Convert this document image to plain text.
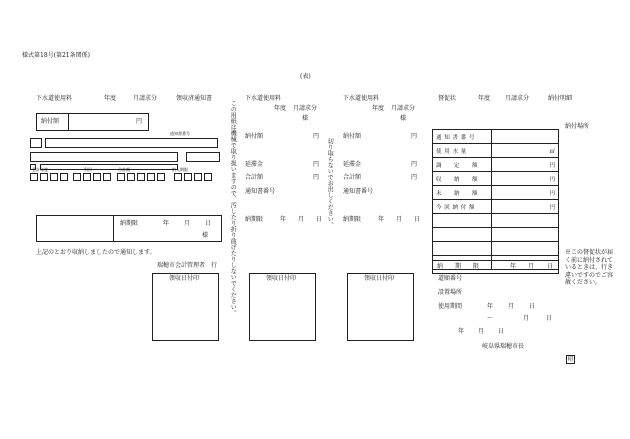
様式第18号(第21条関係)
(表)
下水道使用料	年度	月請求分	領収済通知書
納付額	円
通知書番号
会計年度	科目	合計額	納入期限
納期限	年 月 日
様
上記のとおり収納しましたので通知します。
瑞穂市会計管理者　行
領収日付印	この用紙は機械で取り扱いますので、汚したり折り曲げたりしないでください。
下水道使用料
年度 月請求分
様
納付額	円
延滞金	円
合計額	円
通知書番号
納期限	年 月 日
領収日付印
切り取らないでお出しください。
下水道使用料
年度 月請求分
様
納付額	円
延滞金	円
合計額	円
通知書番号
納期限	年 月 日
領収日付印
督促状	年度 月請求分	納付明細
納付場所
通 知 書 番 号	
使 用 水 量	㎥
調　　定　　額	円
収　　納　　額	円
未　　納　　額	円
今 回 納 付 額	円

納　　期　　限	年 月 日
道順番号
設置場所
使用期間	年 月 日
～	月	日
年 月 日
岐阜県瑞穂市長
印
※この督促状が届く前に納付されているときは、行き違いですのでご容赦ください。
